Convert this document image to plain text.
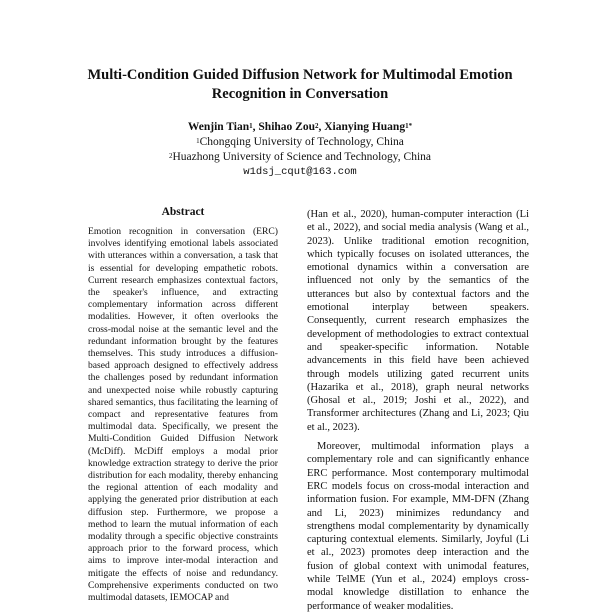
Multi-Condition Guided Diffusion Network for Multimodal Emotion
Recognition in Conversation
Wenjin Tian$^1$, Shihao Zou$^2$, Xianying Huang$^{1*}$
$^1$Chongqing University of Technology, China
$^2$Huazhong University of Science and Technology, China
w1dsj_cqut@163.com
Abstract

Emotion recognition in conversation (ERC) involves identifying emotional labels associated with utterances within a conversation, a task that is essential for developing empathetic robots. Current research emphasizes contextual factors, the speaker's influence, and extracting complementary information across different modalities. However, it often overlooks the cross-modal noise at the semantic level and the redundant information brought by the features themselves. This study introduces a diffusion-based approach designed to effectively address the challenges posed by redundant information and unexpected noise while robustly capturing shared semantics, thus facilitating the learning of compact and representative features from multimodal data. Specifically, we present the Multi-Condition Guided Diffusion Network (McDiff). McDiff employs a modal prior knowledge extraction strategy to derive the prior distribution for each modality, thereby enhancing the regional attention of each modality and applying the generated prior distribution at each diffusion step. Furthermore, we propose a method to learn the mutual information of each modality through a specific objective constraints approach prior to the forward process, which aims to improve inter-modal interaction and mitigate the effects of noise and redundancy. Comprehensive experiments conducted on two multimodal datasets, IEMOCAP and

(Han et al., 2020), human-computer interaction (Li et al., 2022), and social media analysis (Wang et al., 2023). Unlike traditional emotion recognition, which typically focuses on isolated utterances, the emotional dynamics within a conversation are influenced not only by the semantics of the utterances but also by contextual factors and the emotional interplay between speakers. Consequently, current research emphasizes the development of methodologies to extract contextual and speaker-specific information. Notable advancements in this field have been achieved through models utilizing gated recurrent units (Hazarika et al., 2018), graph neural networks (Ghosal et al., 2019; Joshi et al., 2022), and Transformer architectures (Zhang and Li, 2023; Qiu et al., 2023).

Moreover, multimodal information plays a complementary role and can significantly enhance ERC performance. Most contemporary multimodal ERC models focus on cross-modal interaction and information fusion. For example, MM-DFN (Zhang and Li, 2023) minimizes redundancy and strengthens modal complementarity by dynamically capturing contextual elements. Similarly, Joyful (Li et al., 2023) promotes deep interaction and the fusion of global context with unimodal features, while TelME (Yun et al., 2024) employs cross-modal knowledge distillation to enhance the performance of weaker modalities.
